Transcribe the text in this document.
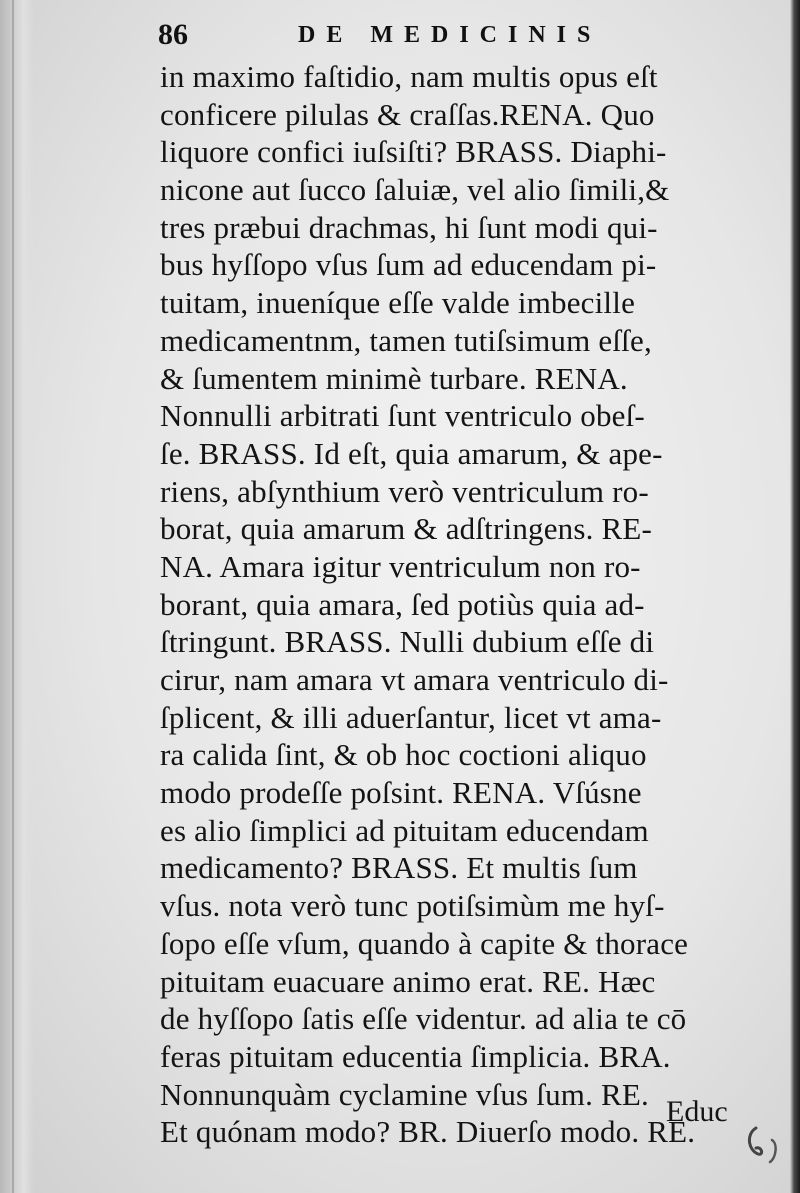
86	DE MEDICINIS
in maximo faſtidio, nam multis opus eſt
conficere pilulas & craſſas.RENA. Quo
liquore confici iuſsiſti? BRASS. Diaphi-
nicone aut ſucco ſaluiæ, vel alio ſimili,&
tres præbui drachmas, hi ſunt modi qui-
bus hyſſopo vſus ſum ad educendam pi-
tuitam, inueníque eſſe valde imbecille
medicamentnm, tamen tutiſsimum eſſe,
& ſumentem minimè turbare. RENA.
Nonnulli arbitrati ſunt ventriculo obeſ-
ſe. BRASS. Id eſt, quia amarum, & ape-
riens, abſynthium verò ventriculum ro-
borat, quia amarum & adſtringens. RE-
NA. Amara igitur ventriculum non ro-
borant, quia amara, ſed potiùs quia ad-
ſtringunt. BRASS. Nulli dubium eſſe di
cirur, nam amara vt amara ventriculo di-
ſplicent, & illi aduerſantur, licet vt ama-
ra calida ſint, & ob hoc coctioni aliquo
modo prodeſſe poſsint. RENA. Vſúsne
es alio ſimplici ad pituitam educendam
medicamento? BRASS. Et multis ſum
vſus. nota verò tunc potiſsimùm me hyſ-
ſopo eſſe vſum, quando à capite & thorace
pituitam euacuare animo erat. RE. Hæc
de hyſſopo ſatis eſſe videntur. ad alia te cō
feras pituitam educentia ſimplicia. BRA.
Nonnunquàm cyclamine vſus ſum. RE.
Et quónam modo? BR. Diuerſo modo. RE.
Educ
